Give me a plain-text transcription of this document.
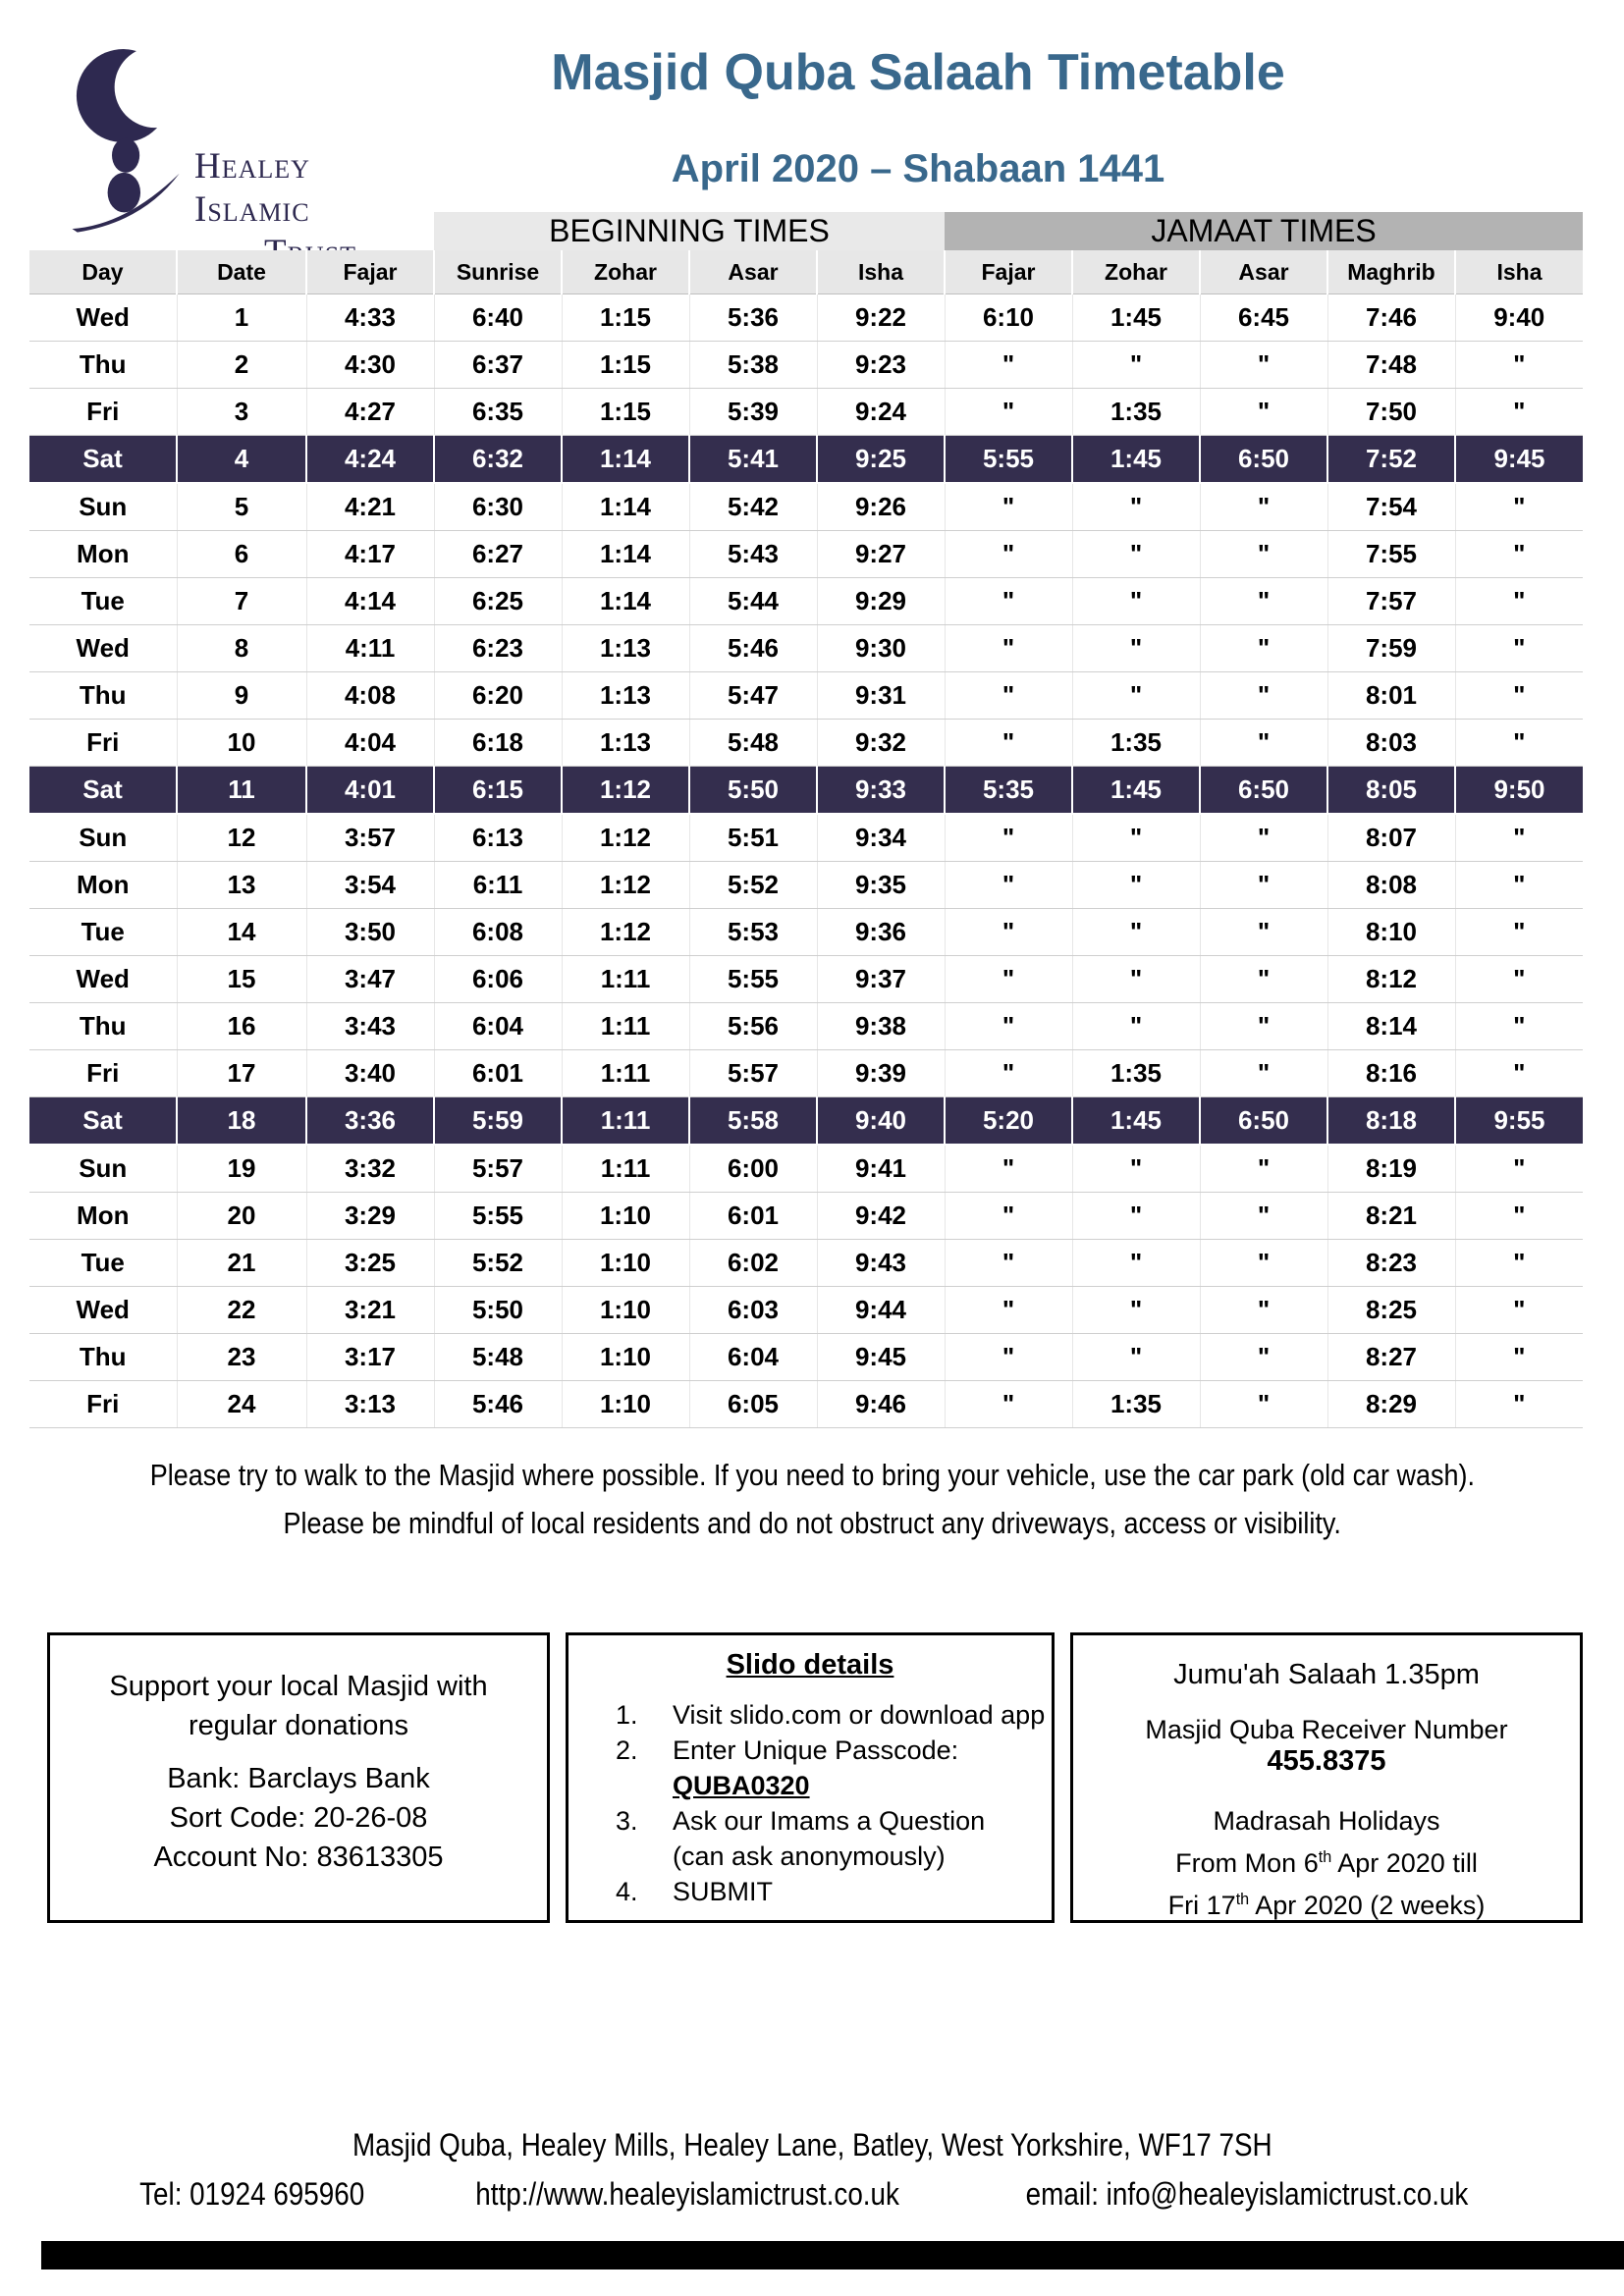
Healey Islamic
Masjid Quba Salaah Timetable
April 2020 – Shabaan 1441
BEGINNING TIMES	JAMAAT TIMES
Day	Date	Fajar	Sunrise	Zohar	Asar	Isha	Fajar	Zohar	Asar	Maghrib	Isha
Wed	1	4:33	6:40	1:15	5:36	9:22	6:10	1:45	6:45	7:46	9:40
Thu	2	4:30	6:37	1:15	5:38	9:23	"	"	"	7:48	"
Fri	3	4:27	6:35	1:15	5:39	9:24	"	1:35	"	7:50	"
Sat	4	4:24	6:32	1:14	5:41	9:25	5:55	1:45	6:50	7:52	9:45
Sun	5	4:21	6:30	1:14	5:42	9:26	"	"	"	7:54	"
Mon	6	4:17	6:27	1:14	5:43	9:27	"	"	"	7:55	"
Tue	7	4:14	6:25	1:14	5:44	9:29	"	"	"	7:57	"
Wed	8	4:11	6:23	1:13	5:46	9:30	"	"	"	7:59	"
Thu	9	4:08	6:20	1:13	5:47	9:31	"	"	"	8:01	"
Fri	10	4:04	6:18	1:13	5:48	9:32	"	1:35	"	8:03	"
Sat	11	4:01	6:15	1:12	5:50	9:33	5:35	1:45	6:50	8:05	9:50
Sun	12	3:57	6:13	1:12	5:51	9:34	"	"	"	8:07	"
Mon	13	3:54	6:11	1:12	5:52	9:35	"	"	"	8:08	"
Tue	14	3:50	6:08	1:12	5:53	9:36	"	"	"	8:10	"
Wed	15	3:47	6:06	1:11	5:55	9:37	"	"	"	8:12	"
Thu	16	3:43	6:04	1:11	5:56	9:38	"	"	"	8:14	"
Fri	17	3:40	6:01	1:11	5:57	9:39	"	1:35	"	8:16	"
Sat	18	3:36	5:59	1:11	5:58	9:40	5:20	1:45	6:50	8:18	9:55
Sun	19	3:32	5:57	1:11	6:00	9:41	"	"	"	8:19	"
Mon	20	3:29	5:55	1:10	6:01	9:42	"	"	"	8:21	"
Tue	21	3:25	5:52	1:10	6:02	9:43	"	"	"	8:23	"
Wed	22	3:21	5:50	1:10	6:03	9:44	"	"	"	8:25	"
Thu	23	3:17	5:48	1:10	6:04	9:45	"	"	"	8:27	"
Fri	24	3:13	5:46	1:10	6:05	9:46	"	1:35	"	8:29	"
Please try to walk to the Masjid where possible. If you need to bring your vehicle, use the car park (old car wash).
Please be mindful of local residents and do not obstruct any driveways, access or visibility.
Support your local Masjid with
regular donations
Bank: Barclays Bank
Sort Code: 20-26-08
Account No: 83613305
Slido details
1.	Visit slido.com or download app
2.	Enter Unique Passcode:
QUBA0320
3.	Ask our Imams a Question
(can ask anonymously)
4.	SUBMIT
Jumu'ah Salaah 1.35pm
Masjid Quba Receiver Number
455.8375
Madrasah Holidays
From Mon 6th Apr 2020 till
Fri 17th Apr 2020 (2 weeks)
Masjid Quba, Healey Mills, Healey Lane, Batley, West Yorkshire, WF17 7SH
Tel: 01924 695960	http://www.healeyislamictrust.co.uk	email: info@healeyislamictrust.co.uk
